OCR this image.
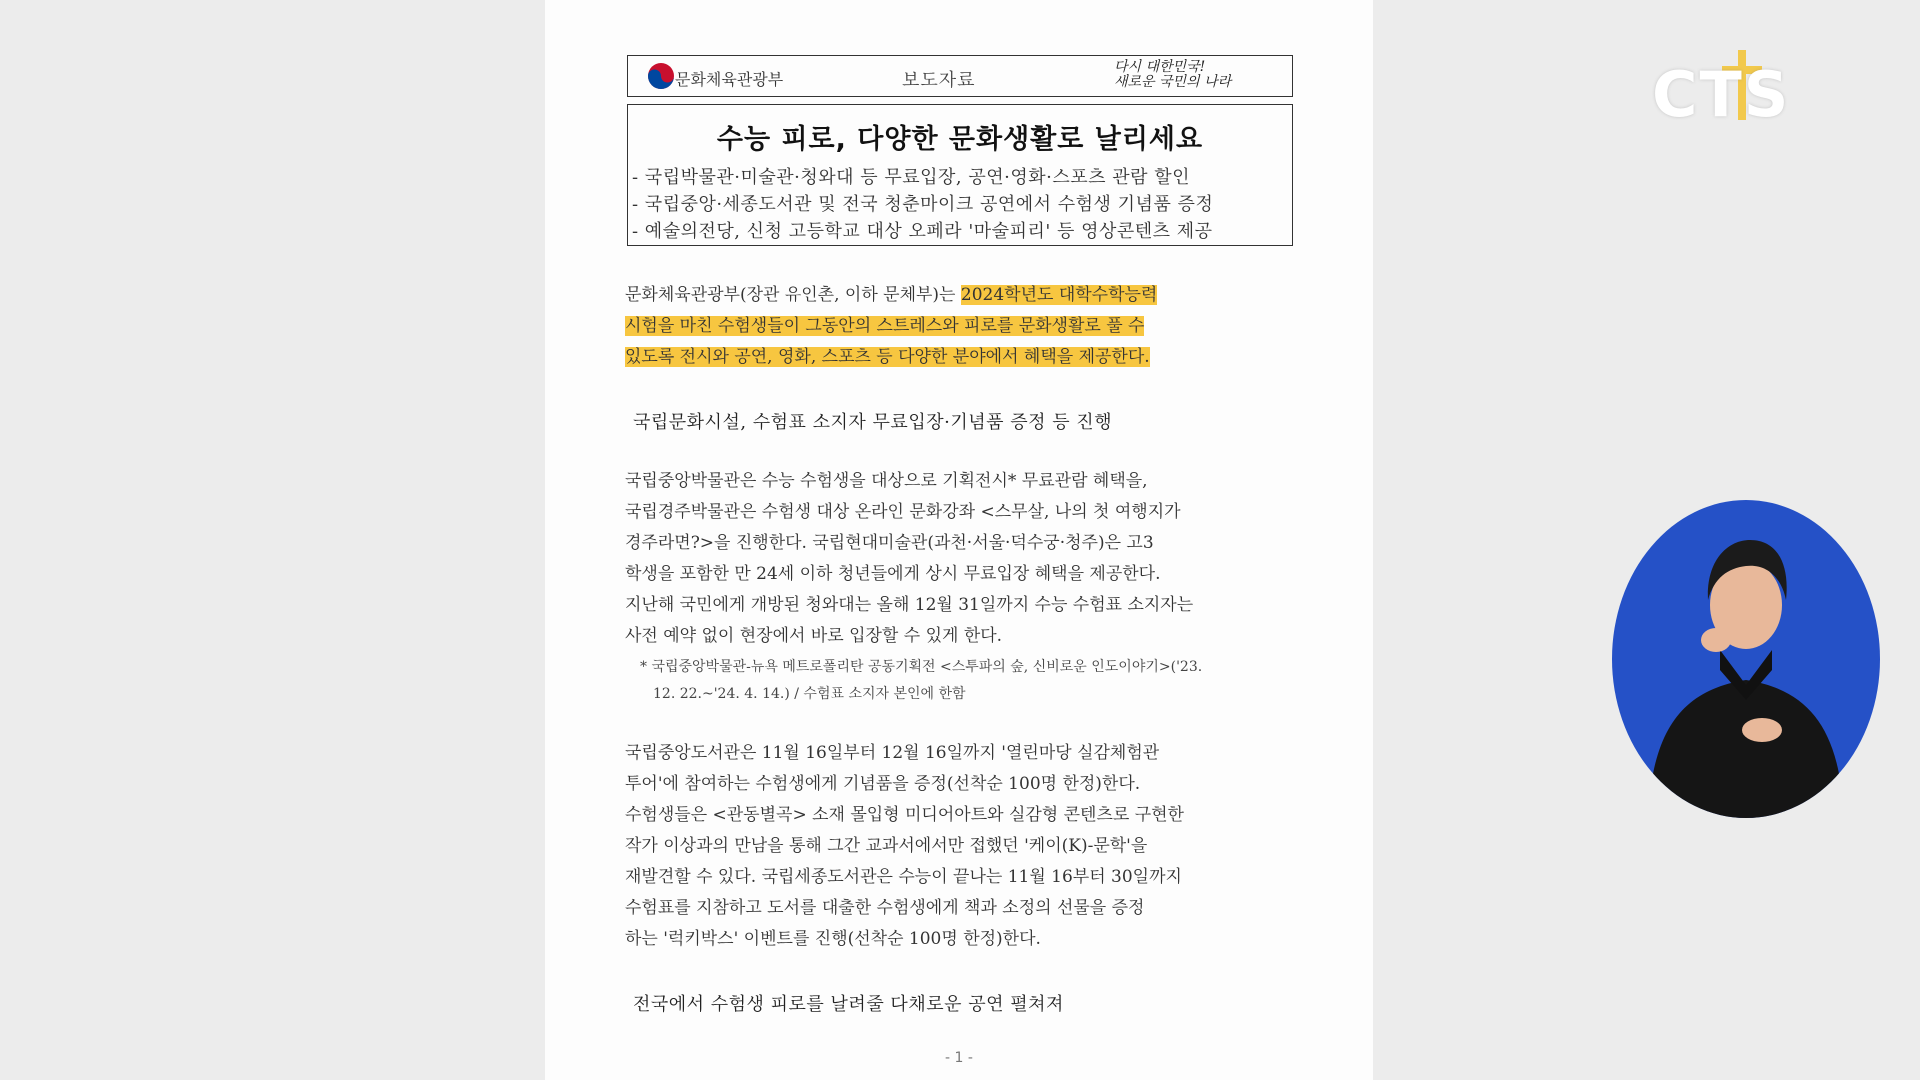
문화체육관광부	보도자료
다시 대한민국!
새로운 국민의 나라
수능 피로, 다양한 문화생활로 날리세요
- 국립박물관·미술관·청와대 등 무료입장, 공연·영화·스포츠 관람 할인
- 국립중앙·세종도서관 및 전국 청춘마이크 공연에서 수험생 기념품 증정
- 예술의전당, 신청 고등학교 대상 오페라 '마술피리' 등 영상콘텐츠 제공
문화체육관광부(장관 유인촌, 이하 문체부)는 2024학년도 대학수학능력
시험을 마친 수험생들이 그동안의 스트레스와 피로를 문화생활로 풀 수
있도록 전시와 공연, 영화, 스포츠 등 다양한 분야에서 혜택을 제공한다.
국립문화시설, 수험표 소지자 무료입장·기념품 증정 등 진행
국립중앙박물관은 수능 수험생을 대상으로 기획전시* 무료관람 혜택을,
국립경주박물관은 수험생 대상 온라인 문화강좌 <스무살, 나의 첫 여행지가
경주라면?>을 진행한다. 국립현대미술관(과천·서울·덕수궁·청주)은 고3
학생을 포함한 만 24세 이하 청년들에게 상시 무료입장 혜택을 제공한다.
지난해 국민에게 개방된 청와대는 올해 12월 31일까지 수능 수험표 소지자는
사전 예약 없이 현장에서 바로 입장할 수 있게 한다.
* 국립중앙박물관-뉴욕 메트로폴리탄 공동기획전 <스투파의 숲, 신비로운 인도이야기>('23.
12. 22.~'24. 4. 14.) / 수험표 소지자 본인에 한함
국립중앙도서관은 11월 16일부터 12월 16일까지 '열린마당 실감체험관
투어'에 참여하는 수험생에게 기념품을 증정(선착순 100명 한정)한다.
수험생들은 <관동별곡> 소재 몰입형 미디어아트와 실감형 콘텐츠로 구현한
작가 이상과의 만남을 통해 그간 교과서에서만 접했던 '케이(K)-문학'을
재발견할 수 있다. 국립세종도서관은 수능이 끝나는 11월 16부터 30일까지
수험표를 지참하고 도서를 대출한 수험생에게 책과 소정의 선물을 증정
하는 '럭키박스' 이벤트를 진행(선착순 100명 한정)한다.
전국에서 수험생 피로를 날려줄 다채로운 공연 펼쳐져
- 1 -
CTS
